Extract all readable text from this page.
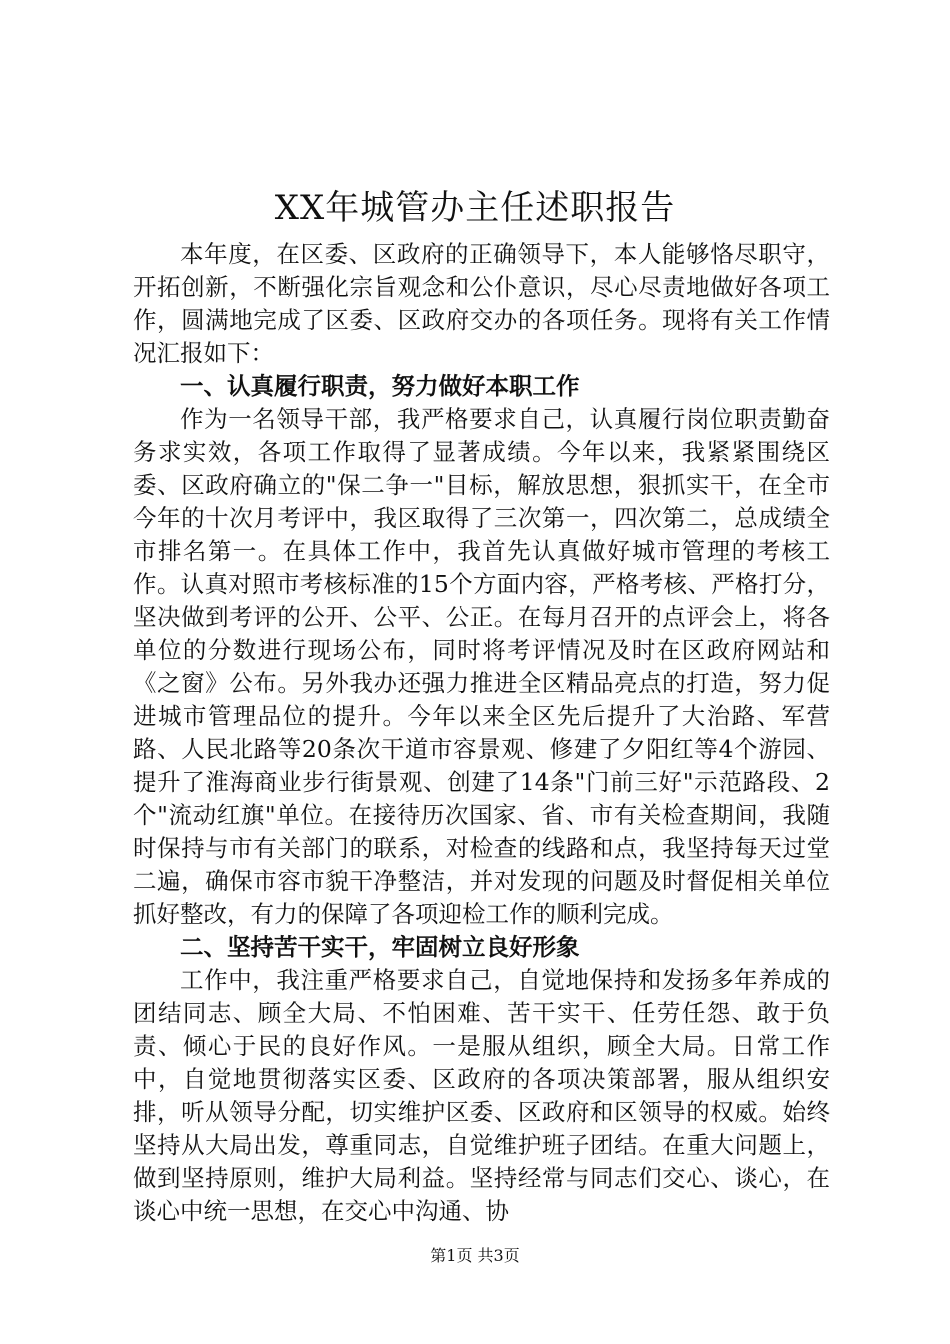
XX年城管办主任述职报告

本年度，在区委、区政府的正确领导下，本人能够恪尽职守，开拓创新，不断强化宗旨观念和公仆意识，尽心尽责地做好各项工作，圆满地完成了区委、区政府交办的各项任务。现将有关工作情况汇报如下：

一、认真履行职责，努力做好本职工作

作为一名领导干部，我严格要求自己，认真履行岗位职责勤奋务求实效，各项工作取得了显著成绩。今年以来，我紧紧围绕区委、区政府确立的"保二争一"目标，解放思想，狠抓实干，在全市今年的十次月考评中，我区取得了三次第一，四次第二，总成绩全市排名第一。在具体工作中，我首先认真做好城市管理的考核工作。认真对照市考核标准的15个方面内容，严格考核、严格打分，坚决做到考评的公开、公平、公正。在每月召开的点评会上，将各单位的分数进行现场公布，同时将考评情况及时在区政府网站和《之窗》公布。另外我办还强力推进全区精品亮点的打造，努力促进城市管理品位的提升。今年以来全区先后提升了大治路、军营路、人民北路等20条次干道市容景观、修建了夕阳红等4个游园、提升了淮海商业步行街景观、创建了14条"门前三好"示范路段、2个"流动红旗"单位。在接待历次国家、省、市有关检查期间，我随时保持与市有关部门的联系，对检查的线路和点，我坚持每天过堂二遍，确保市容市貌干净整洁，并对发现的问题及时督促相关单位抓好整改，有力的保障了各项迎检工作的顺利完成。

二、坚持苦干实干，牢固树立良好形象

工作中，我注重严格要求自己，自觉地保持和发扬多年养成的团结同志、顾全大局、不怕困难、苦干实干、任劳任怨、敢于负责、倾心于民的良好作风。一是服从组织，顾全大局。日常工作中，自觉地贯彻落实区委、区政府的各项决策部署，服从组织安排，听从领导分配，切实维护区委、区政府和区领导的权威。始终坚持从大局出发，尊重同志，自觉维护班子团结。在重大问题上，做到坚持原则，维护大局利益。坚持经常与同志们交心、谈心，在谈心中统一思想，在交心中沟通、协

第1页 共3页
